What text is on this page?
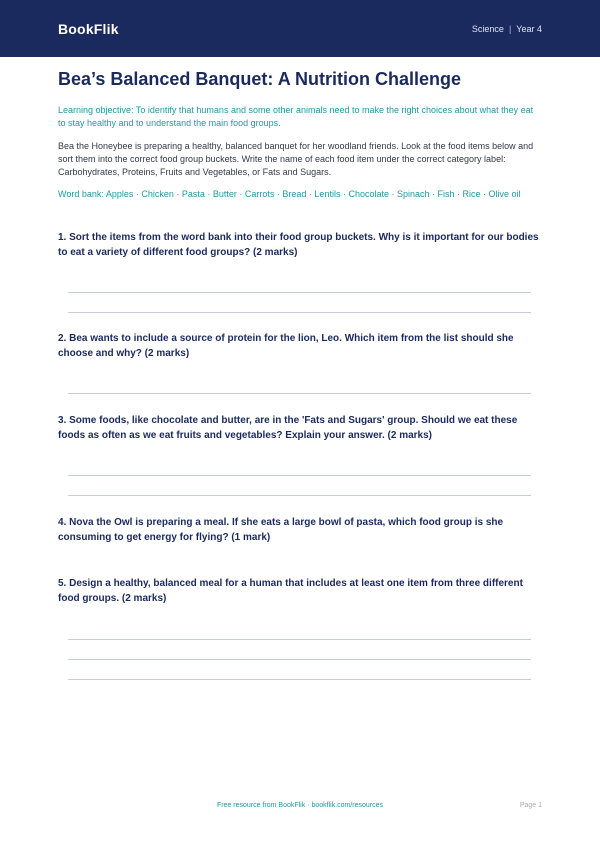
BookFlik	Science | Year 4
Bea’s Balanced Banquet: A Nutrition Challenge
Learning objective: To identify that humans and some other animals need to make the right choices about what they eat to stay healthy and to understand the main food groups.
Bea the Honeybee is preparing a healthy, balanced banquet for her woodland friends. Look at the food items below and sort them into the correct food group buckets. Write the name of each food item under the correct category label: Carbohydrates, Proteins, Fruits and Vegetables, or Fats and Sugars.
Word bank: Apples · Chicken · Pasta · Butter · Carrots · Bread · Lentils · Chocolate · Spinach · Fish · Rice · Olive oil
1. Sort the items from the word bank into their food group buckets. Why is it important for our bodies to eat a variety of different food groups? (2 marks)
2. Bea wants to include a source of protein for the lion, Leo. Which item from the list should she choose and why? (2 marks)
3. Some foods, like chocolate and butter, are in the 'Fats and Sugars' group. Should we eat these foods as often as we eat fruits and vegetables? Explain your answer. (2 marks)
4. Nova the Owl is preparing a meal. If she eats a large bowl of pasta, which food group is she consuming to get energy for flying? (1 mark)
5. Design a healthy, balanced meal for a human that includes at least one item from three different food groups. (2 marks)
Free resource from BookFlik · bookflik.com/resources	Page 1
